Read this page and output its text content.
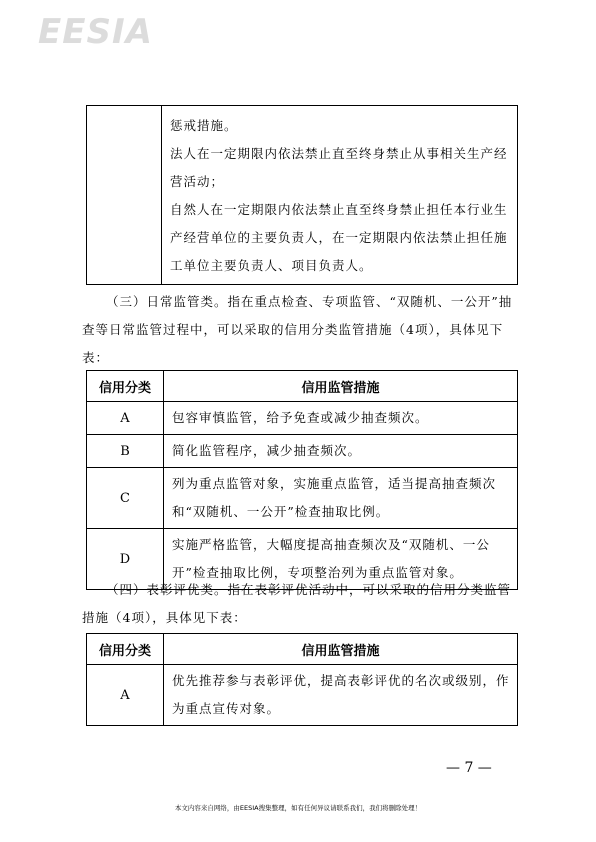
EESIA

惩戒措施。
法人在一定期限内依法禁止直至终身禁止从事相关生产经营活动；
自然人在一定期限内依法禁止直至终身禁止担任本行业生产经营单位的主要负责人，在一定期限内依法禁止担任施工单位主要负责人、项目负责人。

（三）日常监管类。指在重点检查、专项监管、“双随机、一公开”抽查等日常监管过程中，可以采取的信用分类监管措施（4项），具体见下表：

信用分类	信用监管措施
A	包容审慎监管，给予免查或减少抽查频次。
B	简化监管程序，减少抽查频次。
C	列为重点监管对象，实施重点监管，适当提高抽查频次和“双随机、一公开”检查抽取比例。
D	实施严格监管，大幅度提高抽查频次及“双随机、一公开”检查抽取比例，专项整治列为重点监管对象。

（四）表彰评优类。指在表彰评优活动中，可以采取的信用分类监管措施（4项），具体见下表：

信用分类	信用监管措施
A	优先推荐参与表彰评优，提高表彰评优的名次或级别，作为重点宣传对象。
— 7 —
本文内容来自网络，由EESIA搜集整理，如有任何异议请联系我们，我们将删除处理！
